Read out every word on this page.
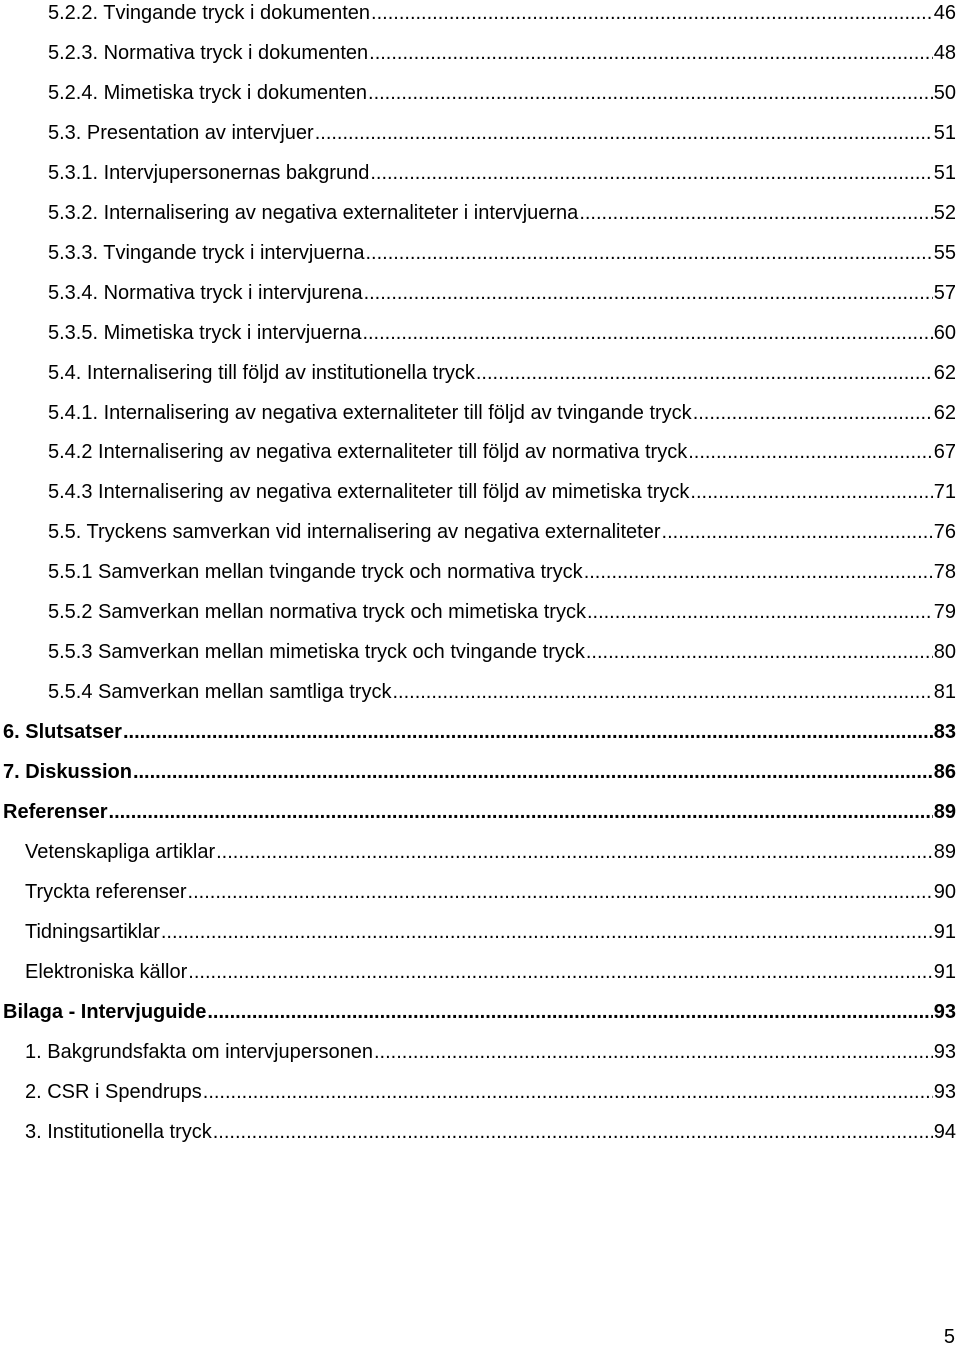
5.2.2. Tvingande tryck i dokumenten .....	46
5.2.3. Normativa tryck i dokumenten .....	48
5.2.4. Mimetiska tryck i dokumenten .....	50
5.3. Presentation av intervjuer .....	51
5.3.1. Intervjupersonernas bakgrund .....	51
5.3.2. Internalisering av negativa externaliteter i intervjuerna .....	52
5.3.3. Tvingande tryck i intervjuerna .....	55
5.3.4. Normativa tryck i intervjurena .....	57
5.3.5. Mimetiska tryck i intervjuerna .....	60
5.4. Internalisering till följd av institutionella tryck .....	62
5.4.1. Internalisering av negativa externaliteter till följd av tvingande tryck .....	62
5.4.2 Internalisering av negativa externaliteter till följd av normativa tryck .....	67
5.4.3 Internalisering av negativa externaliteter till följd av mimetiska tryck .....	71
5.5. Tryckens samverkan vid internalisering av negativa externaliteter .....	76
5.5.1 Samverkan mellan tvingande tryck och normativa tryck .....	78
5.5.2 Samverkan mellan normativa tryck och mimetiska tryck .....	79
5.5.3 Samverkan mellan mimetiska tryck och tvingande tryck .....	80
5.5.4 Samverkan mellan samtliga tryck .....	81
6. Slutsatser .....	83
7. Diskussion .....	86
Referenser .....	89
Vetenskapliga artiklar .....	89
Tryckta referenser .....	90
Tidningsartiklar .....	91
Elektroniska källor .....	91
Bilaga - Intervjuguide .....	93
1. Bakgrundsfakta om intervjupersonen .....	93
2. CSR i Spendrups .....	93
3. Institutionella tryck .....	94
5
